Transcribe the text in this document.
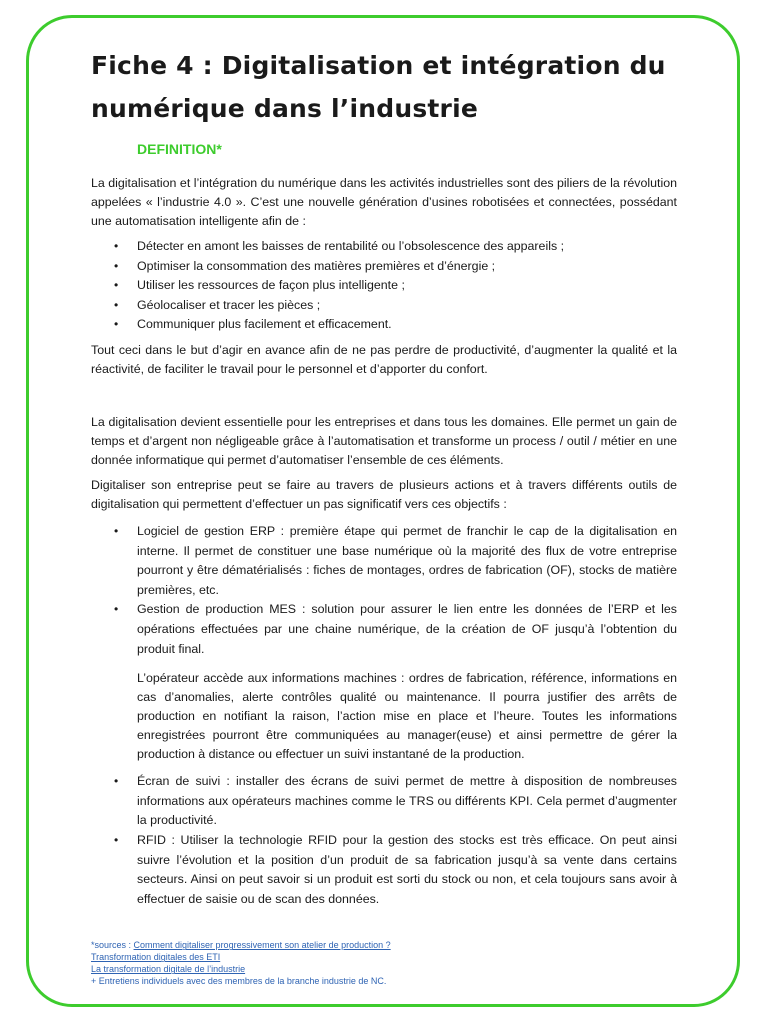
Fiche 4 : Digitalisation et intégration du numérique dans l’industrie
DEFINITION*

La digitalisation et l’intégration du numérique dans les activités industrielles sont des piliers de la révolution appelées « l’industrie 4.0 ». C’est une nouvelle génération d’usines robotisées et connectées, possédant une automatisation intelligente afin de :

• Détecter en amont les baisses de rentabilité ou l’obsolescence des appareils ;
• Optimiser la consommation des matières premières et d’énergie ;
• Utiliser les ressources de façon plus intelligente ;
• Géolocaliser et tracer les pièces ;
• Communiquer plus facilement et efficacement.

Tout ceci dans le but d’agir en avance afin de ne pas perdre de productivité, d’augmenter la qualité et la réactivité, de faciliter le travail pour le personnel et d’apporter du confort.

La digitalisation devient essentielle pour les entreprises et dans tous les domaines. Elle permet un gain de temps et d’argent non négligeable grâce à l’automatisation et transforme un process / outil / métier en une donnée informatique qui permet d’automatiser l’ensemble de ces éléments.

Digitaliser son entreprise peut se faire au travers de plusieurs actions et à travers différents outils de digitalisation qui permettent d’effectuer un pas significatif vers ces objectifs :

• Logiciel de gestion ERP : première étape qui permet de franchir le cap de la digitalisation en interne. Il permet de constituer une base numérique où la majorité des flux de votre entreprise pourront y être dématérialisés : fiches de montages, ordres de fabrication (OF), stocks de matière premières, etc.
• Gestion de production MES : solution pour assurer le lien entre les données de l’ERP et les opérations effectuées par une chaine numérique, de la création de OF jusqu’à l’obtention du produit final.

L’opérateur accède aux informations machines : ordres de fabrication, référence, informations en cas d’anomalies, alerte contrôles qualité ou maintenance. Il pourra justifier des arrêts de production en notifiant la raison, l’action mise en place et l’heure. Toutes les informations enregistrées pourront être communiquées au manager(euse) et ainsi permettre de gérer la production à distance ou effectuer un suivi instantané de la production.

• Écran de suivi : installer des écrans de suivi permet de mettre à disposition de nombreuses informations aux opérateurs machines comme le TRS ou différents KPI. Cela permet d’augmenter la productivité.
• RFID : Utiliser la technologie RFID pour la gestion des stocks est très efficace. On peut ainsi suivre l’évolution et la position d’un produit de sa fabrication jusqu’à sa vente dans certains secteurs. Ainsi on peut savoir si un produit est sorti du stock ou non, et cela toujours sans avoir à effectuer de saisie ou de scan des données.
*sources : Comment digitaliser progressivement son atelier de production ?
Transformation digitales des ETI
La transformation digitale de l’industrie
+ Entretiens individuels avec des membres de la branche industrie de NC.
